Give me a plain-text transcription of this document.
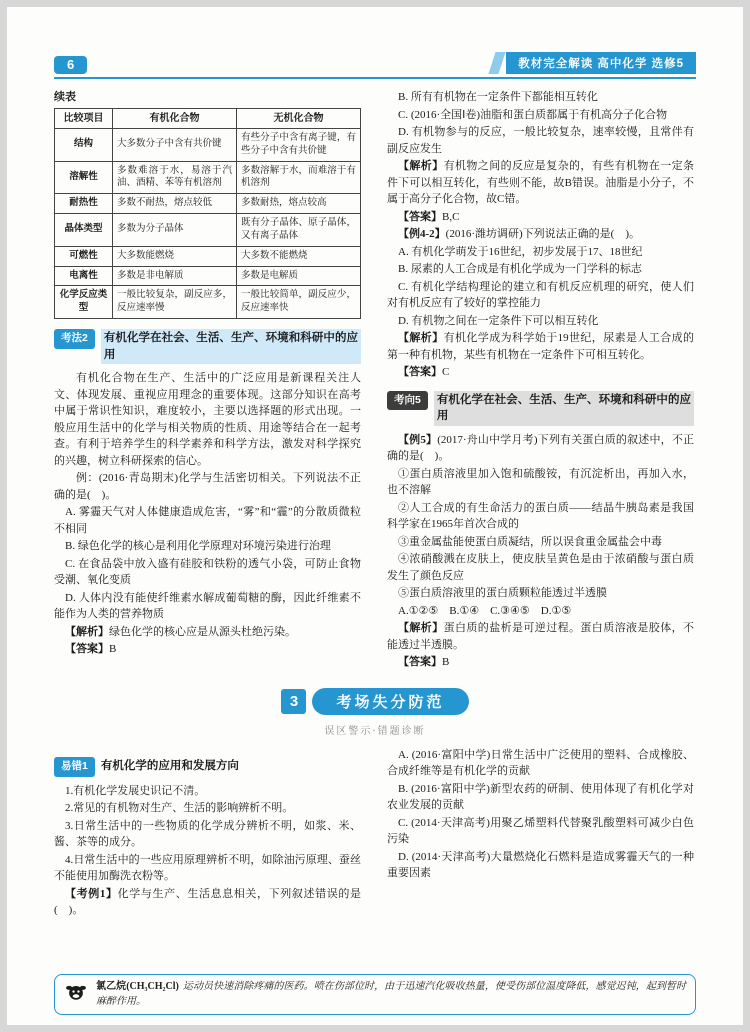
6	教材完全解读 高中化学 选修5
续表
比较项目	有机化合物	无机化合物
结构	大多数分子中含有共价键	有些分子中含有离子键，有些分子中含有共价键
溶解性	多数难溶于水，易溶于汽油、酒精、苯等有机溶剂	多数溶解于水，而难溶于有机溶剂
耐热性	多数不耐热，熔点较低	多数耐热，熔点较高
晶体类型	多数为分子晶体	既有分子晶体、原子晶体，又有离子晶体
可燃性	大多数能燃烧	大多数不能燃烧
电离性	多数是非电解质	多数是电解质
化学反应类型	一般比较复杂，副反应多，反应速率慢	一般比较简单，副反应少，反应速率快
考法2	有机化学在社会、生活、生产、环境和科研中的应用

有机化合物在生产、生活中的广泛应用是新课程关注人文、体现发展、重视应用理念的重要体现。这部分知识在高考中属于常识性知识，难度较小，主要以选择题的形式出现。一般应用生活中的化学与相关物质的性质、用途等结合在一起考查。有利于培养学生的科学素养和科学方法，激发对科学探究的兴趣，树立科研探索的信心。

例：(2016·青岛期末)化学与生活密切相关。下列说法不正确的是(　)。

A. 雾霾天气对人体健康造成危害，“雾”和“霾”的分散质微粒不相同

B. 绿色化学的核心是利用化学原理对环境污染进行治理

C. 在食品袋中放入盛有硅胶和铁粉的透气小袋，可防止食物受潮、氧化变质

D. 人体内没有能使纤维素水解成葡萄糖的酶，因此纤维素不能作为人类的营养物质

【解析】绿色化学的核心应是从源头杜绝污染。

【答案】B

B. 所有有机物在一定条件下都能相互转化

C. (2016·全国Ⅰ卷)油脂和蛋白质都属于有机高分子化合物

D. 有机物参与的反应，一般比较复杂，速率较慢，且常伴有副反应发生

【解析】有机物之间的反应是复杂的，有些有机物在一定条件下可以相互转化，有些则不能，故B错误。油脂是小分子，不属于高分子化合物，故C错。

【答案】B,C

【例4-2】(2016·潍坊调研)下列说法正确的是(　)。

A. 有机化学萌发于16世纪，初步发展于17、18世纪

B. 尿素的人工合成是有机化学成为一门学科的标志

C. 有机化学结构理论的建立和有机反应机理的研究，使人们对有机反应有了较好的掌控能力

D. 有机物之间在一定条件下可以相互转化

【解析】有机化学成为科学始于19世纪，尿素是人工合成的第一种有机物，某些有机物在一定条件下可相互转化。

【答案】C

考向5	有机化学在社会、生活、生产、环境和科研中的应用

【例5】(2017·舟山中学月考)下列有关蛋白质的叙述中，不正确的是(　)。

①蛋白质溶液里加入饱和硫酸铵，有沉淀析出，再加入水，也不溶解

②人工合成的有生命活力的蛋白质——结晶牛胰岛素是我国科学家在1965年首次合成的

③重金属盐能使蛋白质凝结，所以误食重金属盐会中毒

④浓硝酸溅在皮肤上，使皮肤呈黄色是由于浓硝酸与蛋白质发生了颜色反应

⑤蛋白质溶液里的蛋白质颗粒能透过半透膜

A.①②⑤　B.①④　C.③④⑤　D.①⑤

【解析】蛋白质的盐析是可逆过程。蛋白质溶液是胶体，不能透过半透膜。

【答案】B

3	考场失分防范
误区警示·错题诊断
易错1	有机化学的应用和发展方向

1.有机化学发展史识记不清。

2.常见的有机物对生产、生活的影响辨析不明。

3.日常生活中的一些物质的化学成分辨析不明，如浆、米、酱、茶等的成分。

4.日常生活中的一些应用原理辨析不明，如除油污原理、蚕丝不能使用加酶洗衣粉等。

【考例1】化学与生产、生活息息相关，下列叙述错误的是(　)。

A. (2016·富阳中学)日常生活中广泛使用的塑料、合成橡胶、合成纤维等是有机化学的贡献

B. (2016·富阳中学)新型农药的研制、使用体现了有机化学对农业发展的贡献

C. (2014·天津高考)用聚乙烯塑料代替聚乳酸塑料可减少白色污染

D. (2014·天津高考)大量燃烧化石燃料是造成雾霾天气的一种重要因素

氯乙烷(CH₃CH₂Cl) 运动员快速消除疼痛的医药。喷在伤部位时，由于迅速汽化吸收热量，使受伤部位温度降低，感觉迟钝，起到暂时麻醉作用。
